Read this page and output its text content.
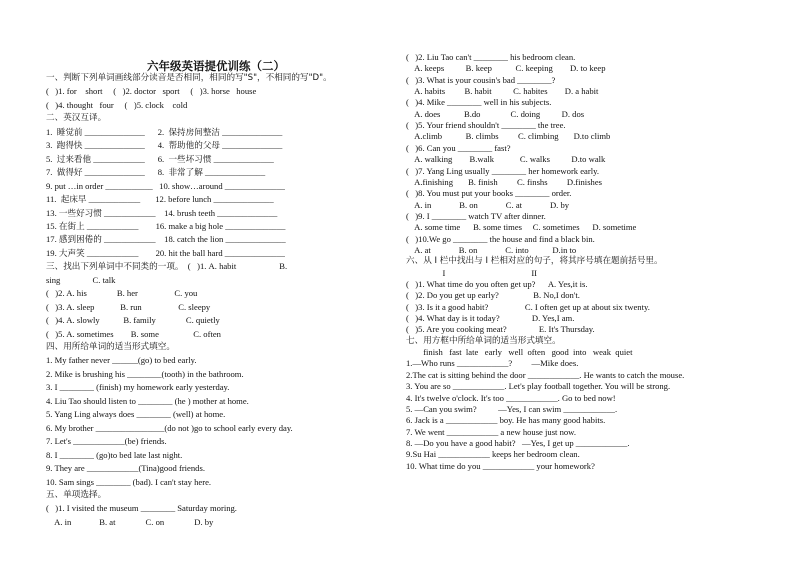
六年级英语提优训练（二）
一、判断下列单词画线部分读音是否相同，相同的写"S"，不相同的写"D"。
(   )1. for    short     (   )2. doctor   sport     (   )3. horse   house
(   )4. thought   four     (   )5. clock    cold
二、英汉互译。
1.  睡觉前 ______________      2.  保持房间整洁 ______________
3.  跑得快 ______________      4.  帮助他的父母 ______________
5.  过来看他 ____________      6.  一些坏习惯 ______________
7.  做得好 ______________      8.  非常了解 ______________
9. put …in order ___________   10. show…around ______________
11.  起床早 ____________       12. before lunch ______________
13. 一些好习惯 ____________    14. brush teeth ______________
15. 在街上 ____________        16. make a big hole ______________
17. 感到困倦的 ____________    18. catch the lion ______________
19. 大声笑 ____________        20. hit the ball hard ______________
三、找出下列单词中不同类的一项。  (   )1. A. habit                    B.
sing               C. talk
(   )2. A. his              B. her                 C. you
(   )3. A. sleep            B. run                 C. sleepy
(   )4. A. slowly           B. family              C. quietly
(   )5. A. sometimes        B. some                C. often
四、用所给单词的适当形式填空。
1. My father never ______(go) to bed early.
2. Mike is brushing his ________(tooth) in the bathroom.
3. I ________ (finish) my homework early yesterday.
4. Liu Tao should listen to ________ (he ) mother at home.
5. Yang Ling always does ________ (well) at home.
6. My brother ________________(do not )go to school early every day.
7. Let's ____________(be) friends.
8. I ________ (go)to bed late last night.
9. They are ____________(Tina)good friends.
10. Sam sings ________ (bad). I can't stay here.
五、单项选择。
(   )1. I visited the museum ________ Saturday moring.
A. in             B. at              C. on              D. by
(   )2. Liu Tao can't ________ his bedroom clean.
A. keeps          B. keep           C. keeping        D. to keep
(   )3. What is your cousin's bad ________?
A. habits         B. habit          C. habites        D. a habit
(   )4. Mike ________ well in his subjects.
A. does           B.do              C. doing          D. dos
(   )5. Your friend shouldn't ________ the tree.
A.climb           B. climbs         C. climbing       D.to climb
(   )6. Can you ________ fast?
A. walking        B.walk            C. walks          D.to walk
(   )7. Yang Ling usually ________ her homework early.
A.finishing       B. finish         C. finshs         D.finishes
(   )8. You must put your books ________ order.
A. in             B. on             C. at             D. by
(   )9. I ________ watch TV after dinner.
A. some time      B. some times     C. sometimes      D. sometime
(   )10.We go ________ the house and find a black bin.
A. at             B. on             C. into           D.in to
六、从 I 栏中找出与 I 栏相对应的句子，将其序号填在题前括号里。
I                                        II
(   )1. What time do you often get up?      A. Yes,it is.
(   )2. Do you get up early?                B. No,I don't.
(   )3. Is it a good habit?                 C. I often get up at about six twenty.
(   )4. What day is it today?               D. Yes,I am.
(   )5. Are you cooking meat?               E. It's Thursday.
七、用方框中所给单词的适当形式填空。
finish   fast  late   early   well  often   good  into   weak  quiet
1.—Who runs ____________?         —Mike does.
2.The cat is sitting behind the door ____________. He wants to catch the mouse.
3. You are so ____________. Let's play football together. You will be strong.
4. It's twelve o'clock. It's too ____________. Go to bed now!
5. —Can you swim?          —Yes, I can swim ____________.
6. Jack is a ____________ boy. He has many good habits.
7. We went ____________ a new house just now.
8. —Do you have a good habit?   —Yes, I get up ____________.
9.Su Hai ____________ keeps her bedroom clean.
10. What time do you ____________ your homework?
